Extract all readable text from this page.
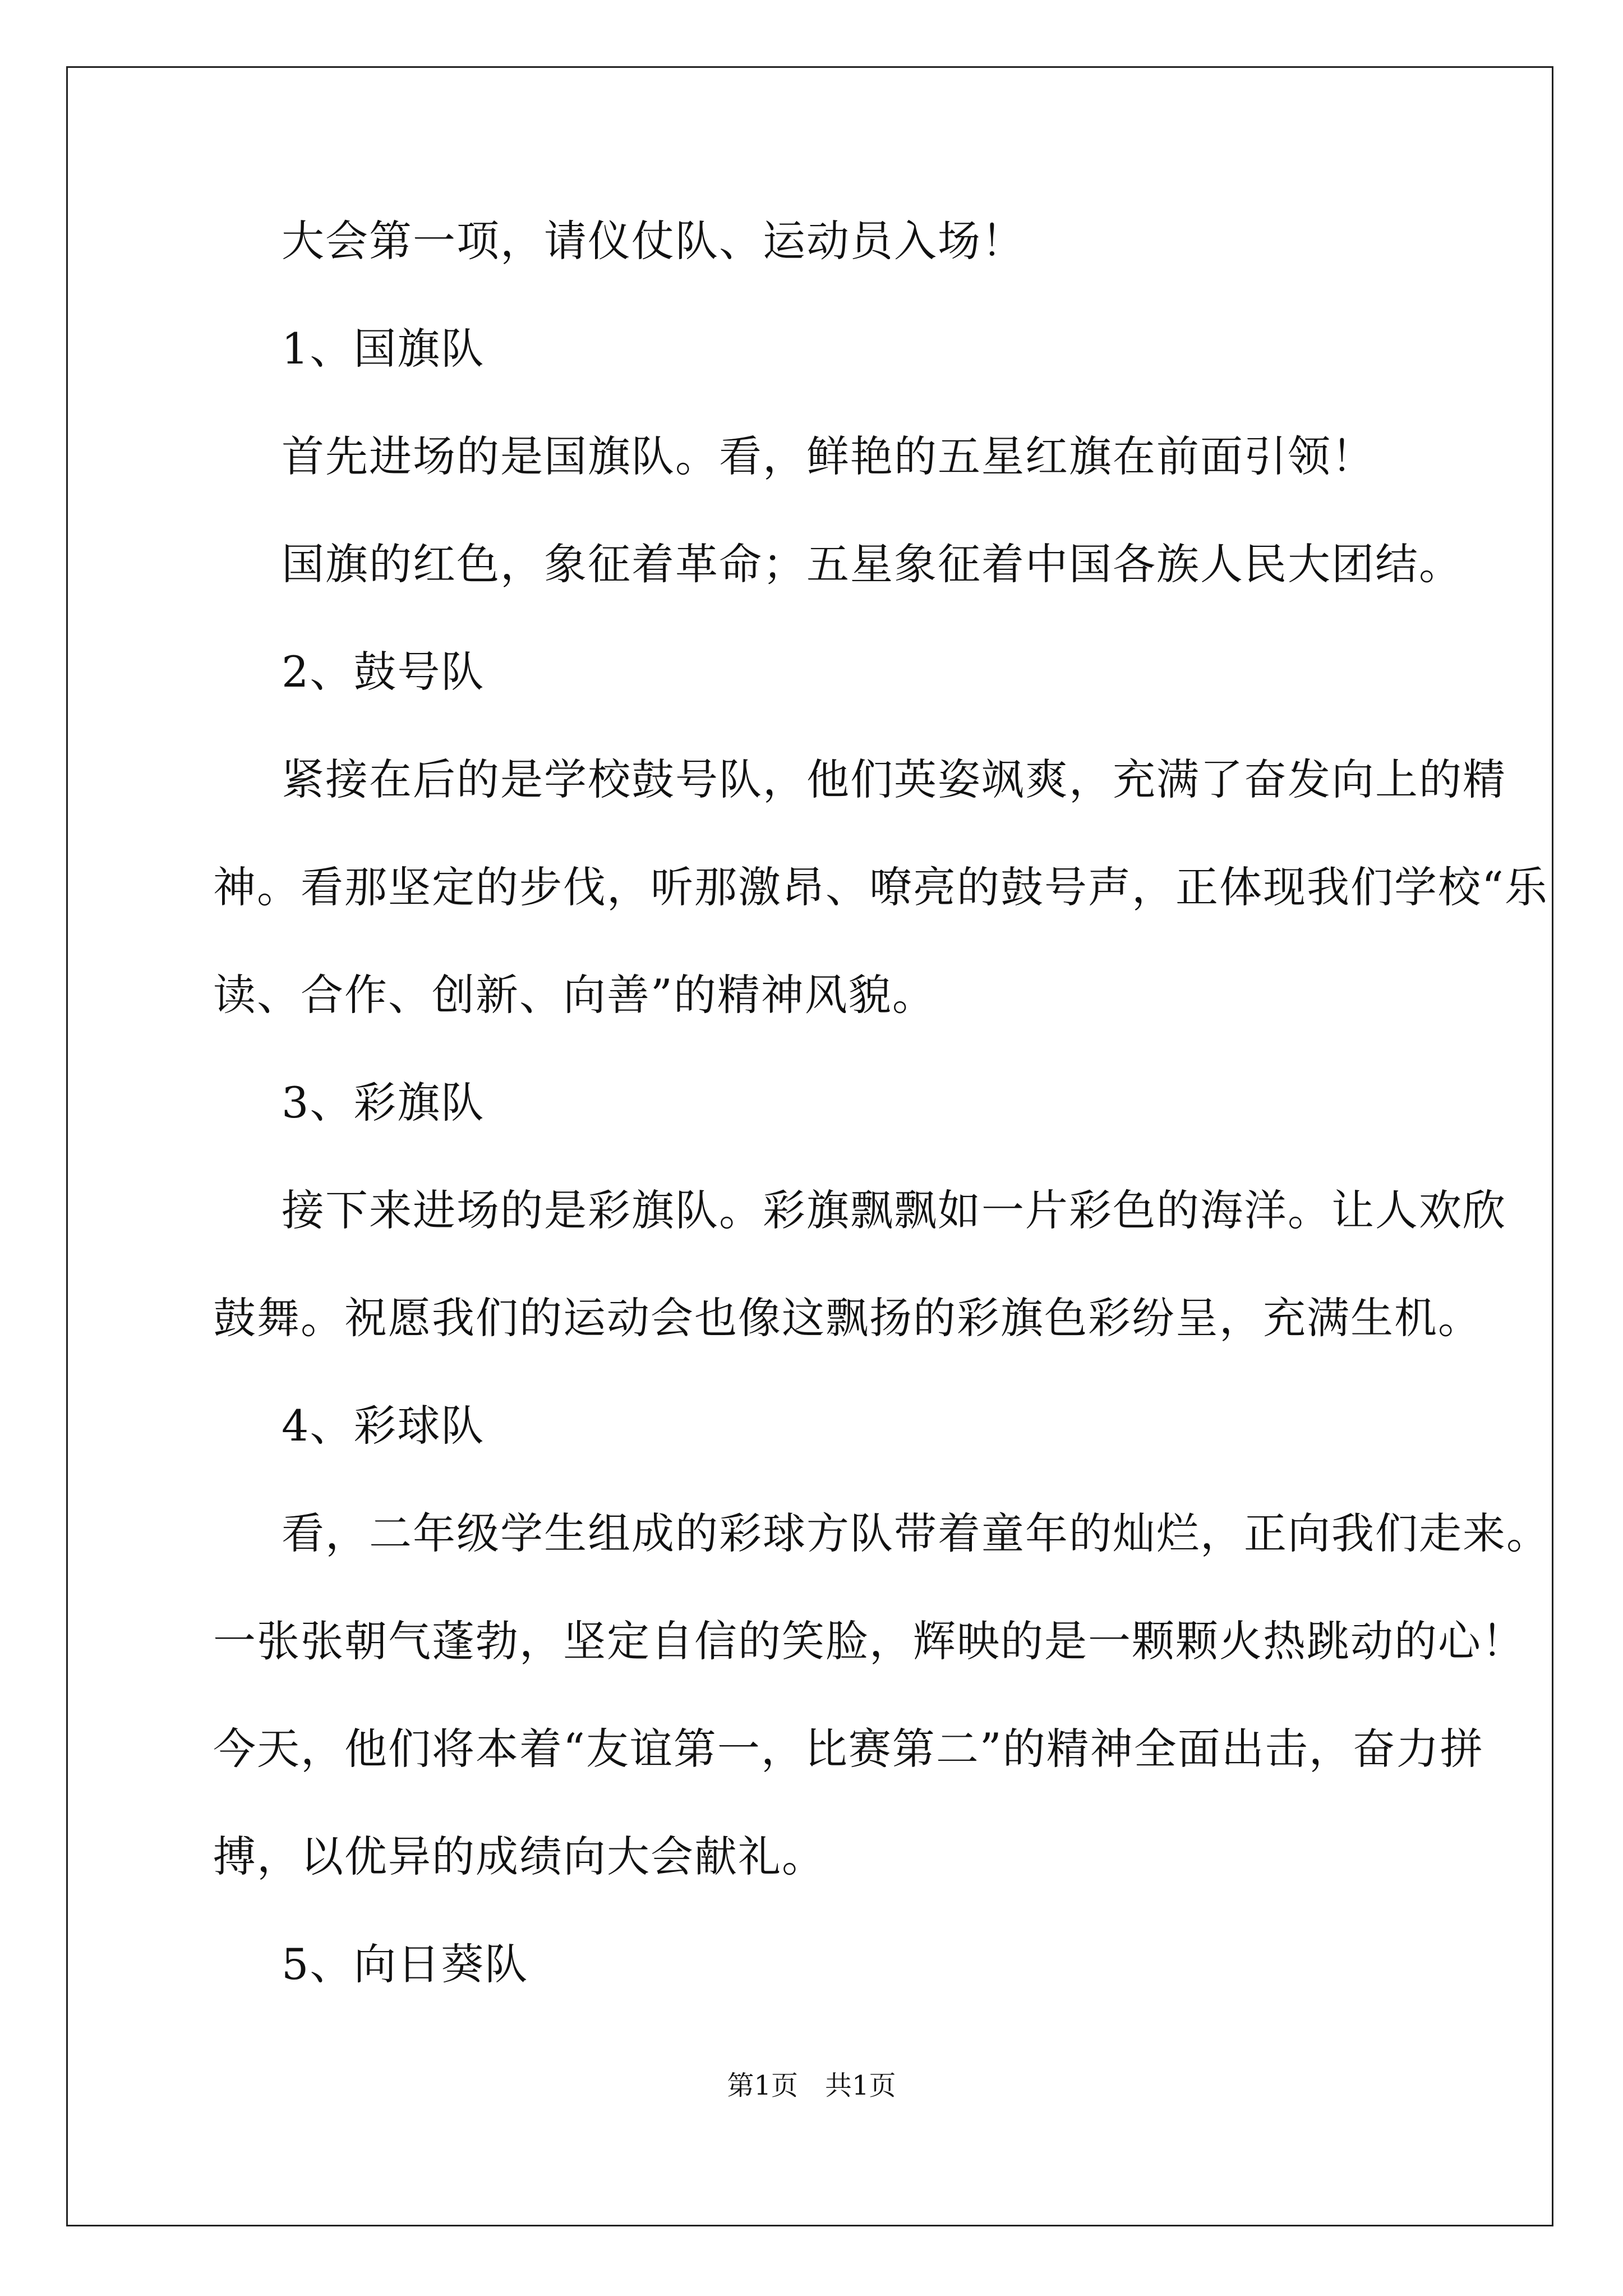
大会第一项，请仪仗队、运动员入场！
1、国旗队
首先进场的是国旗队。看，鲜艳的五星红旗在前面引领！
国旗的红色，象征着革命；五星象征着中国各族人民大团结。
2、鼓号队
紧接在后的是学校鼓号队，他们英姿飒爽，充满了奋发向上的精
神。看那坚定的步伐，听那激昂、嘹亮的鼓号声，正体现我们学校“乐
读、合作、创新、向善”的精神风貌。
3、彩旗队
接下来进场的是彩旗队。彩旗飘飘如一片彩色的海洋。让人欢欣
鼓舞。祝愿我们的运动会也像这飘扬的彩旗色彩纷呈，充满生机。
4、彩球队
看，二年级学生组成的彩球方队带着童年的灿烂，正向我们走来。
一张张朝气蓬勃，坚定自信的笑脸，辉映的是一颗颗火热跳动的心！
今天，他们将本着“友谊第一，比赛第二”的精神全面出击，奋力拼
搏，以优异的成绩向大会献礼。
5、向日葵队
第1页　共1页
